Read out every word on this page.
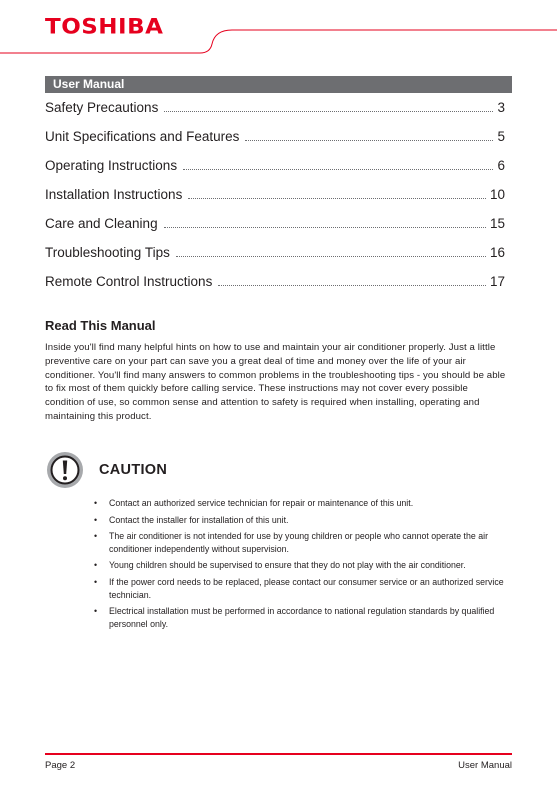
TOSHIBA
User Manual
Safety Precautions	3
Unit Specifications and Features	5
Operating Instructions	6
Installation Instructions	10
Care and Cleaning	15
Troubleshooting Tips	16
Remote Control Instructions	17
Read This Manual
Inside you'll find many helpful hints on how to use and maintain your air conditioner properly. Just a little preventive care on your part can save you a great deal of time and money over the life of your air conditioner. You'll find many answers to common problems in the troubleshooting tips - you should be able to fix most of them quickly before calling service. These instructions may not cover every possible condition of use, so common sense and attention to safety is required when installing, operating and maintaining this product.
CAUTION
•	Contact an authorized service technician for repair or maintenance of this unit.
•	Contact the installer for installation of this unit.
•	The air conditioner is not intended for use by young children or people who cannot operate the air conditioner independently without supervision.
•	Young children should be supervised to ensure that they do not play with the air conditioner.
•	If the power cord needs to be replaced, please contact our consumer service or an authorized service technician.
•	Electrical installation must be performed in accordance to national regulation standards by qualified personnel only.
Page 2	User Manual
